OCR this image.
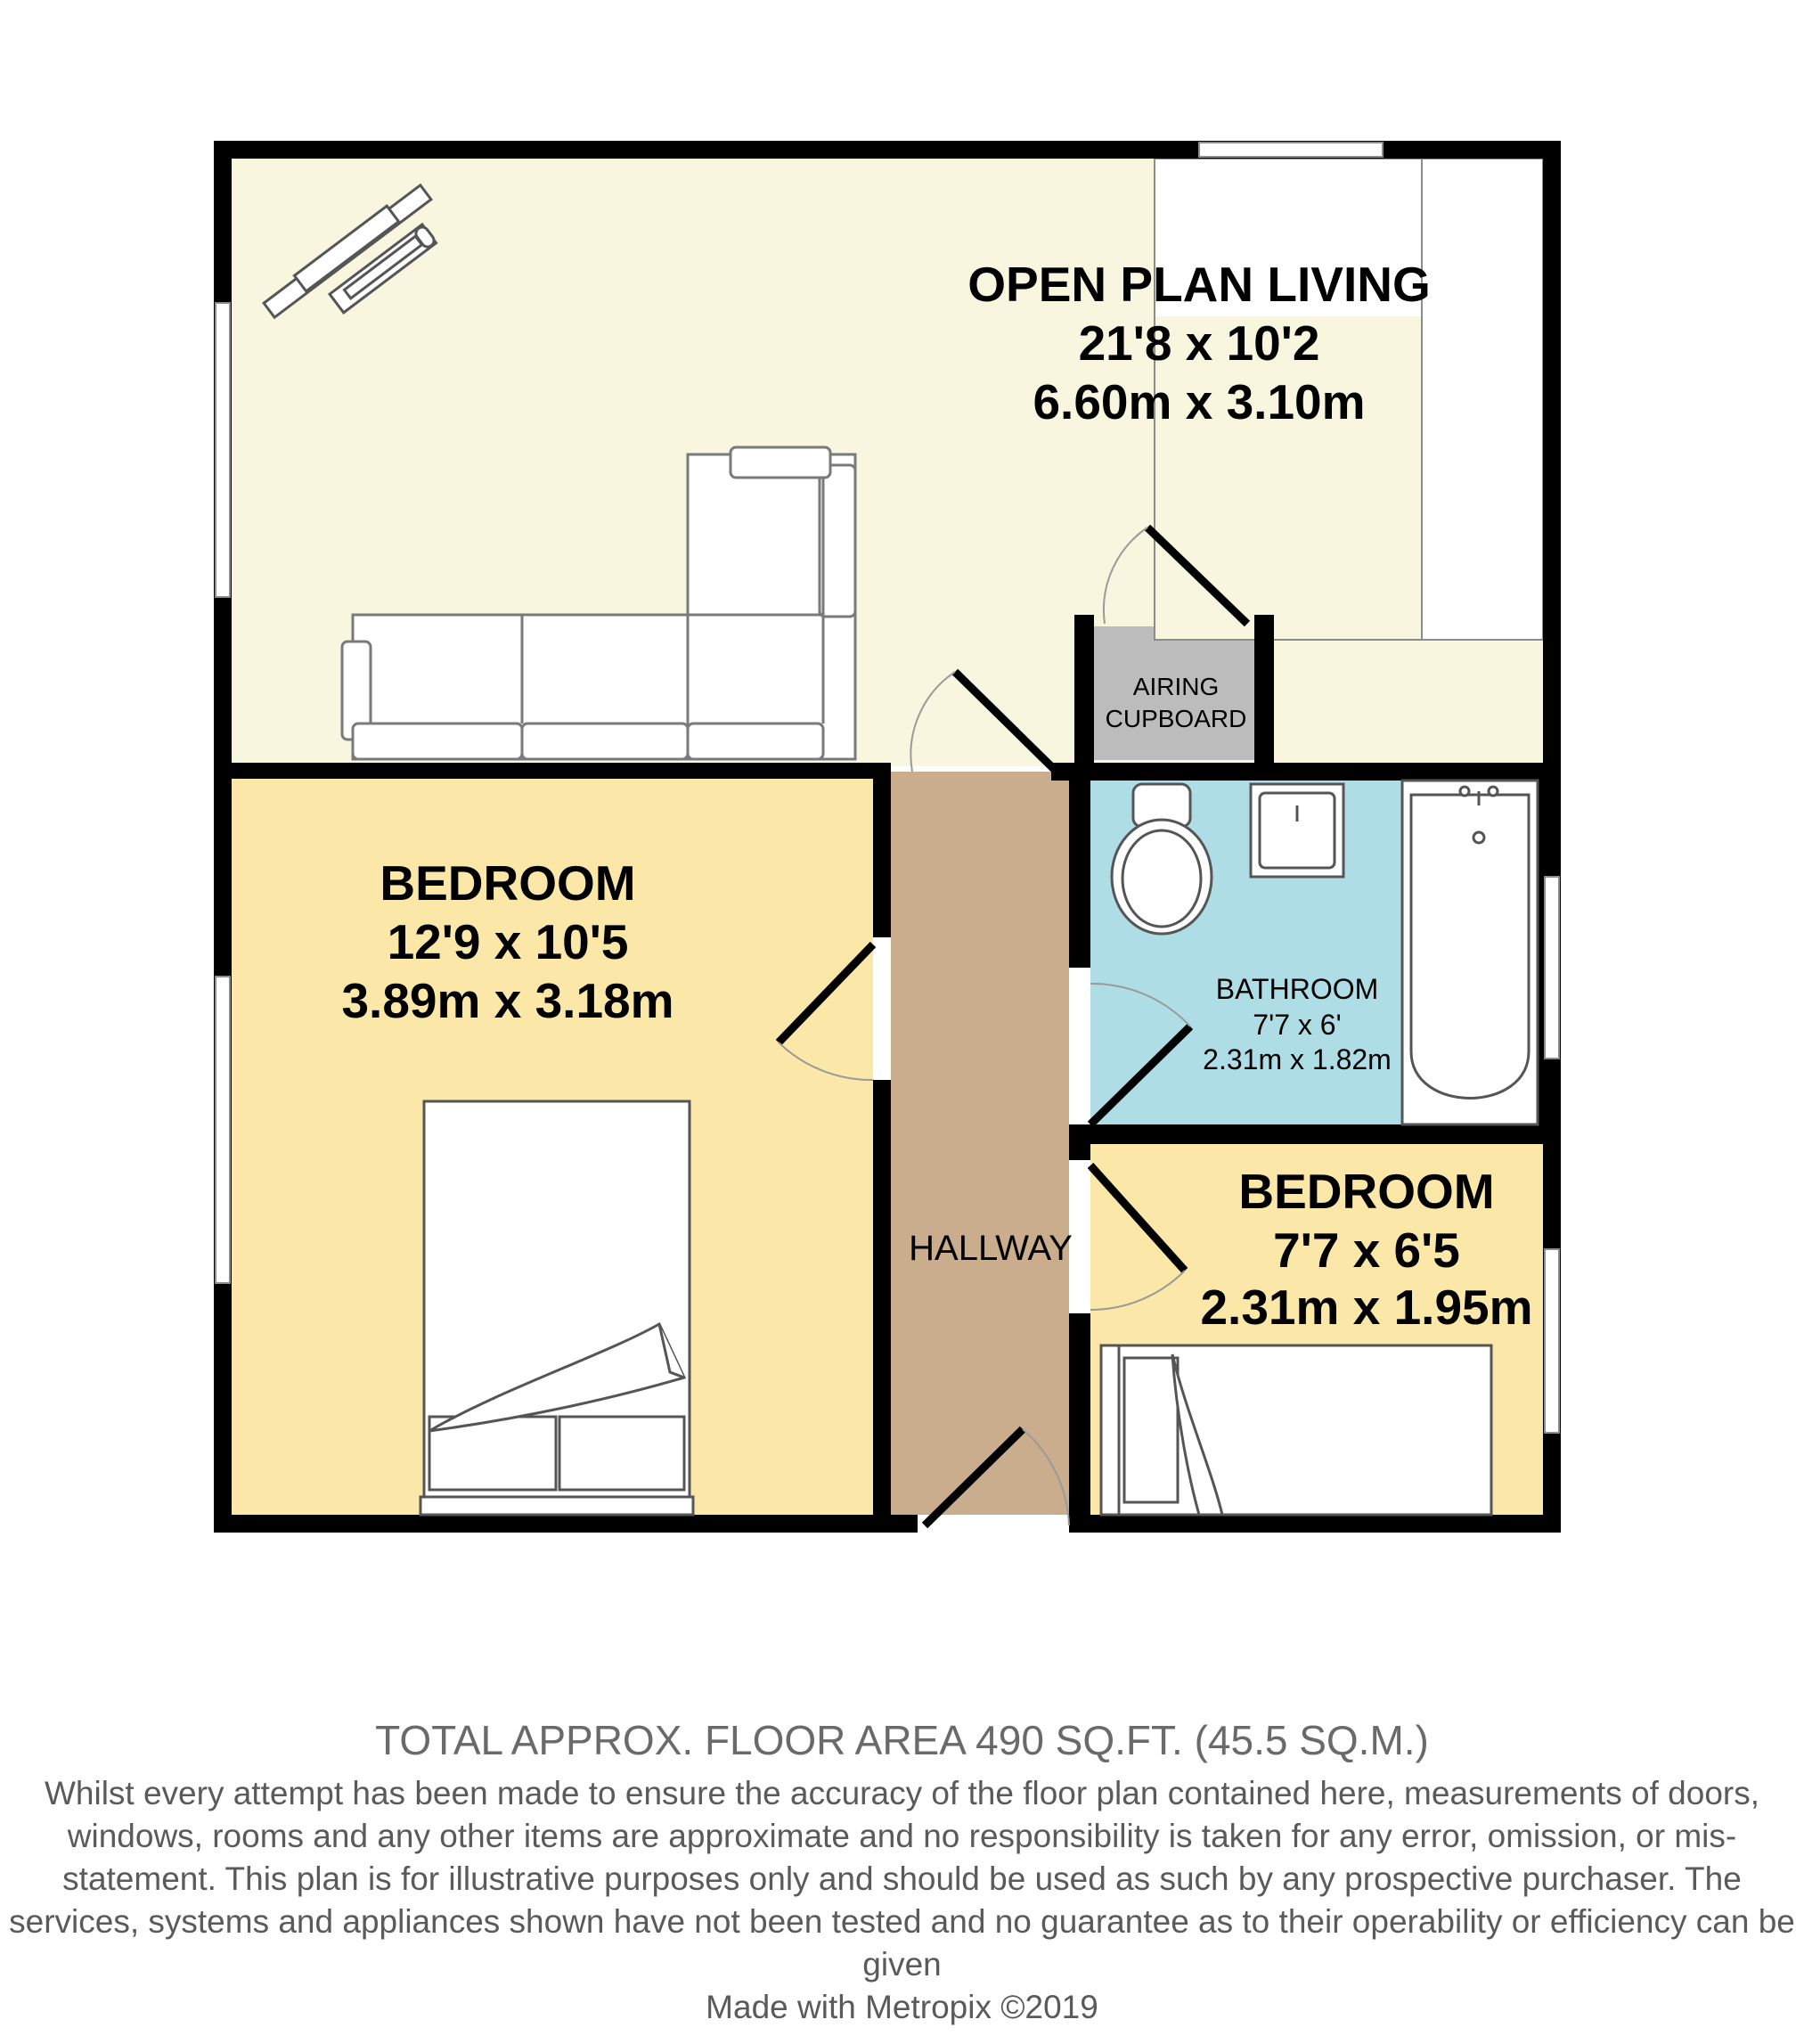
OPEN PLAN LIVING
21'8 x 10'2
6.60m x 3.10m
BEDROOM
12'9 x 10'5
3.89m x 3.18m	BATHROOM
7'7 x 6'
2.31m x 1.82m
BEDROOM
7'7 x 6'5
2.31m x 1.95m
HALLWAY
AIRING
CUPBOARD
TOTAL APPROX. FLOOR AREA 490 SQ.FT. (45.5 SQ.M.)
Whilst every attempt has been made to ensure the accuracy of the floor plan contained here, measurements of doors, windows, rooms and any other items are approximate and no responsibility is taken for any error, omission, or mis-statement. This plan is for illustrative purposes only and should be used as such by any prospective purchaser. The services, systems and appliances shown have not been tested and no guarantee as to their operability or efficiency can be given
Made with Metropix ©2019
